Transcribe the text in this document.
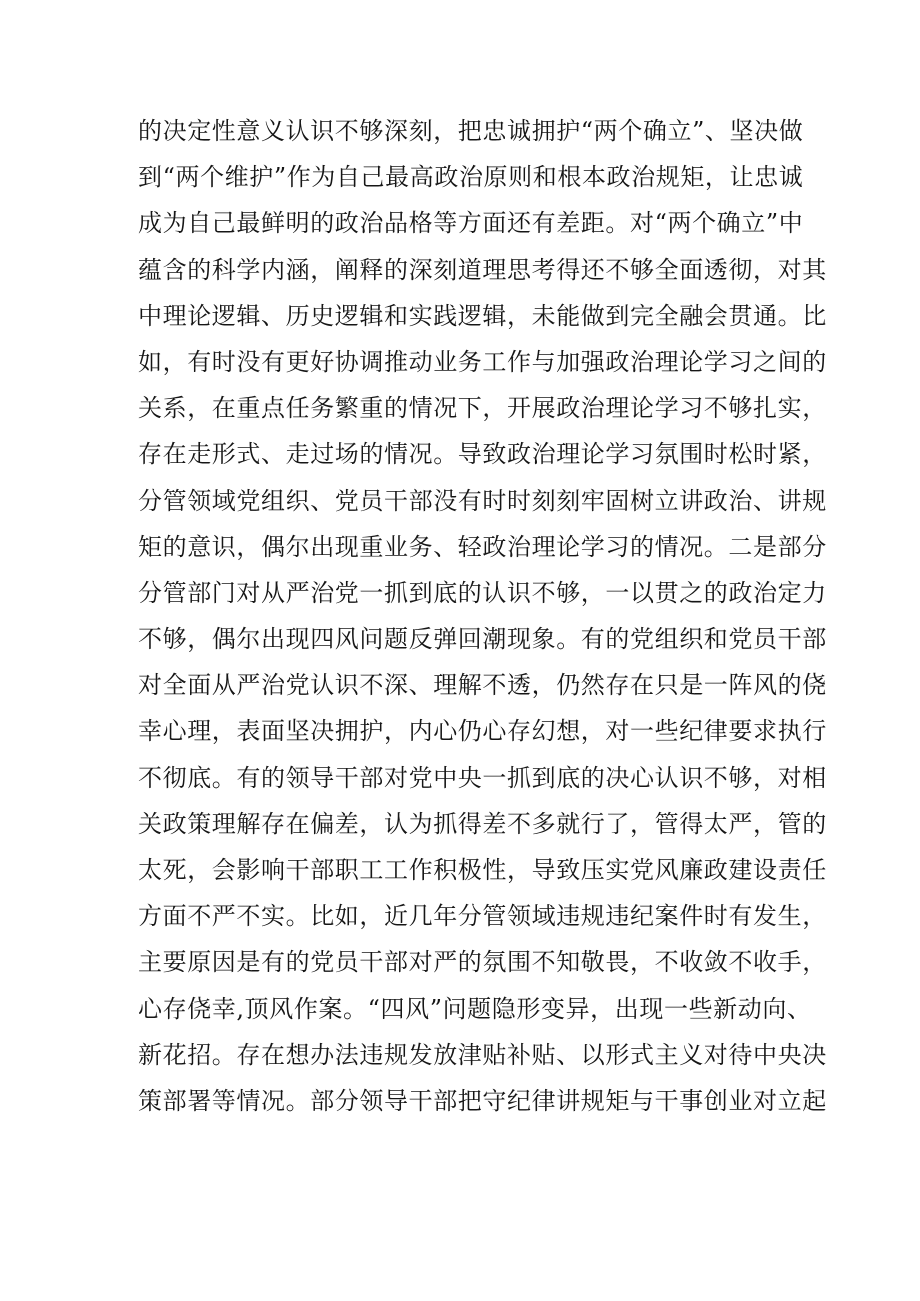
的决定性意义认识不够深刻，把忠诚拥护“两个确立”、坚决做
到“两个维护”作为自己最高政治原则和根本政治规矩，让忠诚
成为自己最鲜明的政治品格等方面还有差距。对“两个确立”中
蕴含的科学内涵，阐释的深刻道理思考得还不够全面透彻，对其
中理论逻辑、历史逻辑和实践逻辑，未能做到完全融会贯通。比
如，有时没有更好协调推动业务工作与加强政治理论学习之间的
关系，在重点任务繁重的情况下，开展政治理论学习不够扎实，
存在走形式、走过场的情况。导致政治理论学习氛围时松时紧，
分管领域党组织、党员干部没有时时刻刻牢固树立讲政治、讲规
矩的意识，偶尔出现重业务、轻政治理论学习的情况。二是部分
分管部门对从严治党一抓到底的认识不够，一以贯之的政治定力
不够，偶尔出现四风问题反弹回潮现象。有的党组织和党员干部
对全面从严治党认识不深、理解不透，仍然存在只是一阵风的侥
幸心理，表面坚决拥护，内心仍心存幻想，对一些纪律要求执行
不彻底。有的领导干部对党中央一抓到底的决心认识不够，对相
关政策理解存在偏差，认为抓得差不多就行了，管得太严，管的
太死，会影响干部职工工作积极性，导致压实党风廉政建设责任
方面不严不实。比如，近几年分管领域违规违纪案件时有发生，
主要原因是有的党员干部对严的氛围不知敬畏，不收敛不收手，
心存侥幸,顶风作案。“四风”问题隐形变异，出现一些新动向、
新花招。存在想办法违规发放津贴补贴、以形式主义对待中央决
策部署等情况。部分领导干部把守纪律讲规矩与干事创业对立起
